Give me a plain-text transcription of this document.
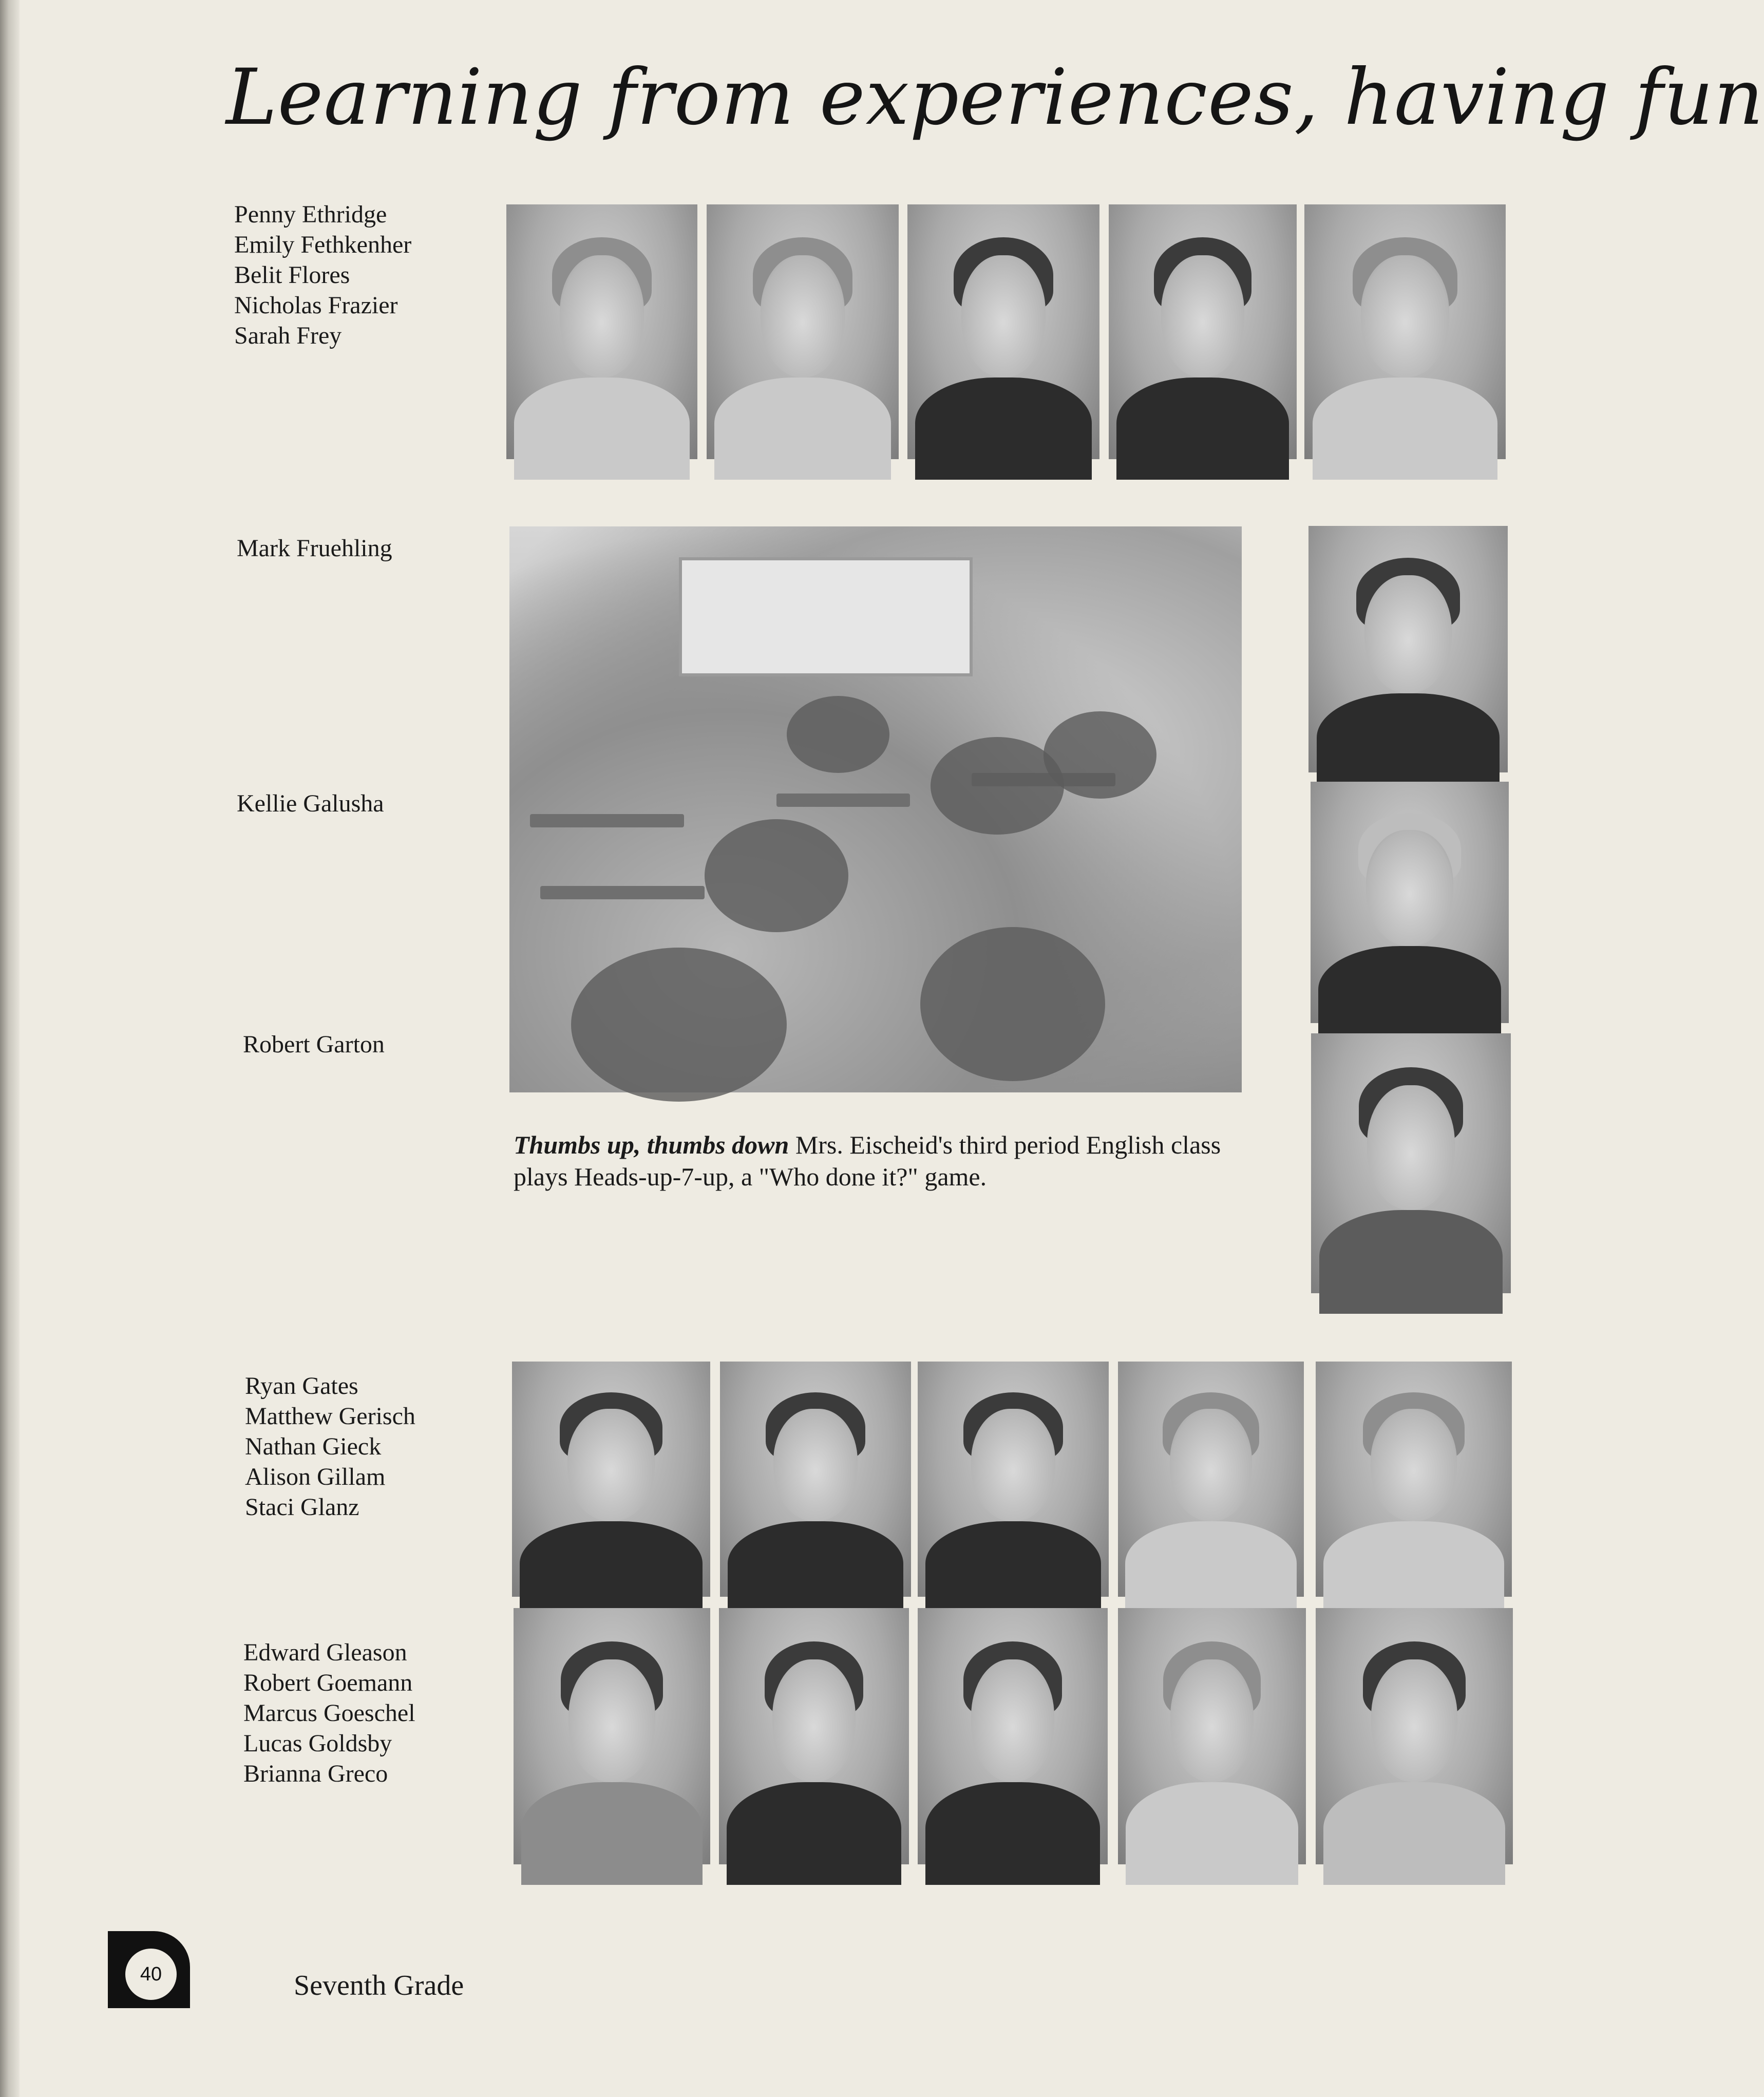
Learning from experiences, having fun
Penny Ethridge
Emily Fethkenher
Belit Flores
Nicholas Frazier
Sarah Frey
Mark Fruehling
Kellie Galusha
Robert Garton
Thumbs up, thumbs down Mrs. Eischeid's third period English class plays Heads-up-7-up, a "Who done it?" game.
Ryan Gates
Matthew Gerisch
Nathan Gieck
Alison Gillam
Staci Glanz
Edward Gleason
Robert Goemann
Marcus Goeschel
Lucas Goldsby
Brianna Greco
40	Seventh Grade
